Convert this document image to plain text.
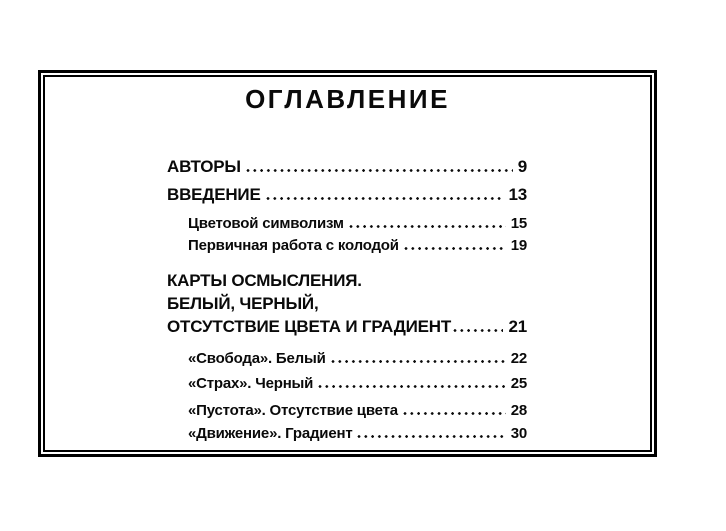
ОГЛАВЛЕНИЕ
АВТОРЫ	9
ВВЕДЕНИЕ	13
Цветовой символизм	15
Первичная работа с колодой	19
КАРТЫ ОСМЫСЛЕНИЯ.
БЕЛЫЙ, ЧЕРНЫЙ,
ОТСУТСТВИЕ ЦВЕТА И ГРАДИЕНТ	21
«Свобода». Белый	22
«Страх». Черный	25
«Пустота». Отсутствие цвета	28
«Движение». Градиент	30
